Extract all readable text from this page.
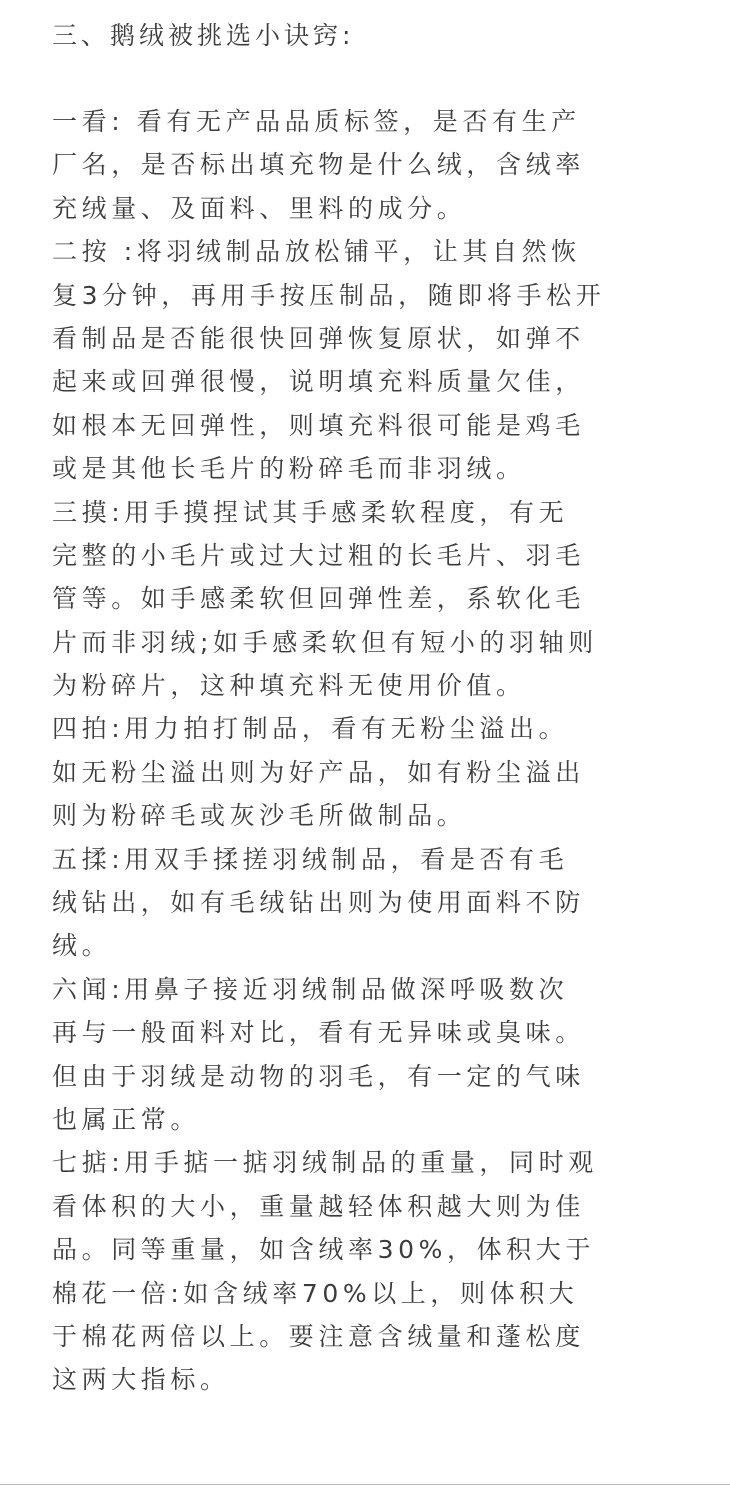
三、鹅绒被挑选小诀窍:
一看: 看有无产品品质标签，是否有生产
厂名，是否标出填充物是什么绒，含绒率
充绒量、及面料、里料的成分。
二按 :将羽绒制品放松铺平，让其自然恢
复3分钟，再用手按压制品，随即将手松开
看制品是否能很快回弹恢复原状，如弹不
起来或回弹很慢，说明填充料质量欠佳，
如根本无回弹性，则填充料很可能是鸡毛
或是其他长毛片的粉碎毛而非羽绒。
三摸:用手摸捏试其手感柔软程度，有无
完整的小毛片或过大过粗的长毛片、羽毛
管等。如手感柔软但回弹性差，系软化毛
片而非羽绒;如手感柔软但有短小的羽轴则
为粉碎片，这种填充料无使用价值。
四拍:用力拍打制品，看有无粉尘溢出。
如无粉尘溢出则为好产品，如有粉尘溢出
则为粉碎毛或灰沙毛所做制品。
五揉:用双手揉搓羽绒制品，看是否有毛
绒钻出，如有毛绒钻出则为使用面料不防
绒。
六闻:用鼻子接近羽绒制品做深呼吸数次
再与一般面料对比，看有无异味或臭味。
但由于羽绒是动物的羽毛，有一定的气味
也属正常。
七掂:用手掂一掂羽绒制品的重量，同时观
看体积的大小，重量越轻体积越大则为佳
品。同等重量，如含绒率30%，体积大于
棉花一倍:如含绒率70%以上，则体积大
于棉花两倍以上。要注意含绒量和蓬松度
这两大指标。
